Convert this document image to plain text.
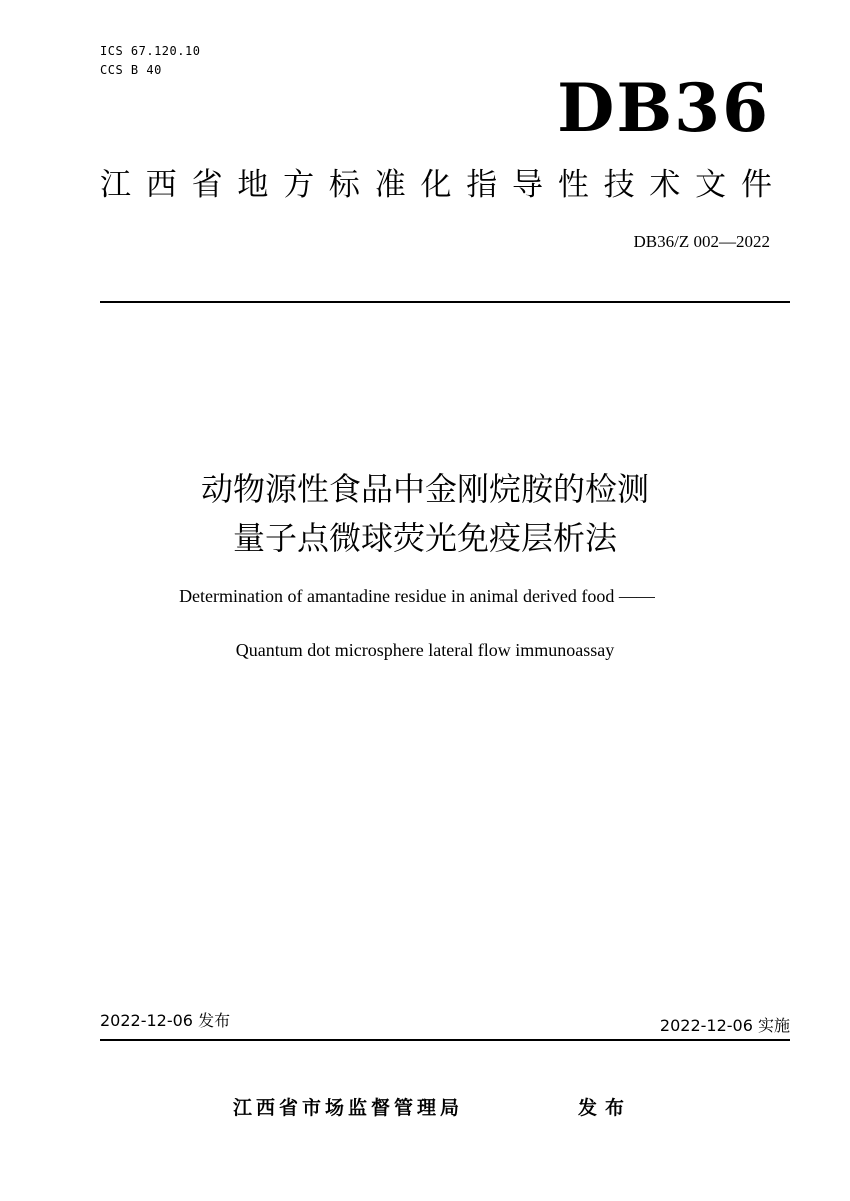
ICS 67.120.10
CCS B 40	DB36
江 西 省 地 方 标 准 化 指 导 性 技 术 文 件
DB36/Z 002—2022
动物源性食品中金刚烷胺的检测
量子点微球荧光免疫层析法
Determination of amantadine residue in animal derived food ——
Quantum dot microsphere lateral flow immunoassay
2022-12-06 发布	2022-12-06 实施
江西省市场监督管理局	发布
